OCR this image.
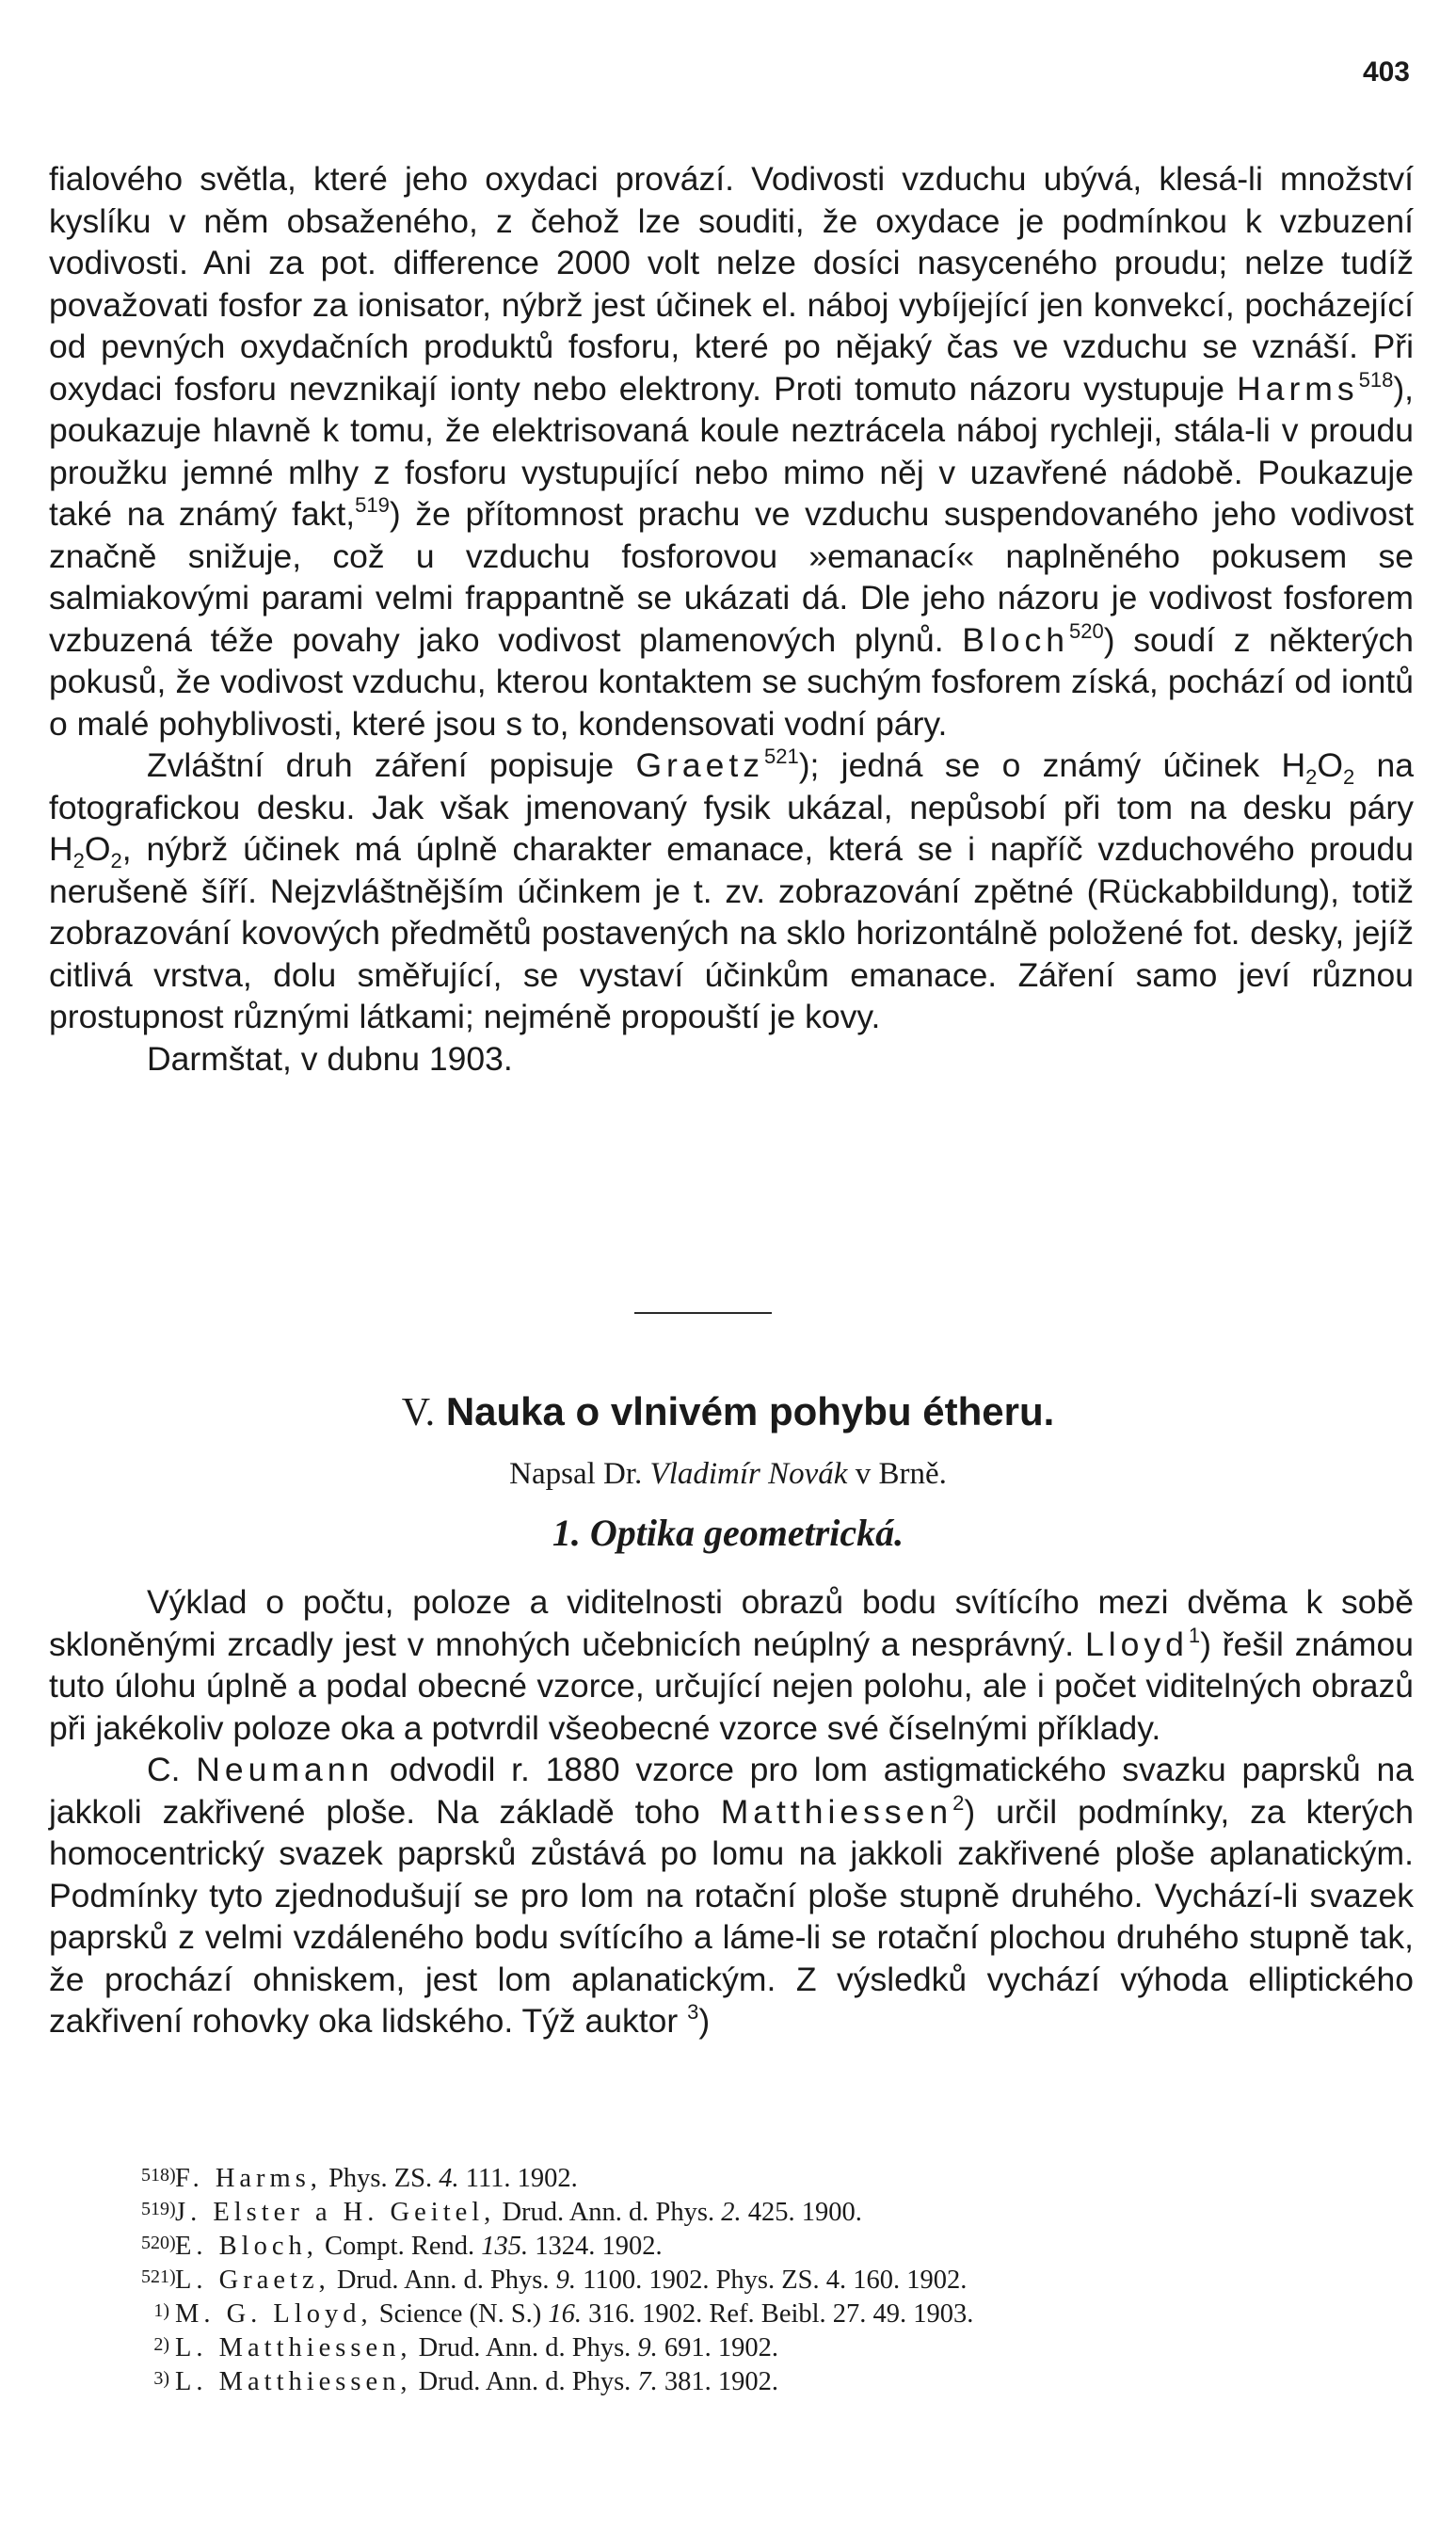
403

fialového světla, které jeho oxydaci provází. Vodivosti vzduchu ubývá, klesá-li množství kyslíku v něm obsaženého, z čehož lze souditi, že oxydace je podmínkou k vzbuzení vodivosti. Ani za pot. difference 2000 volt nelze dosíci nasyceného proudu; nelze tudíž považovati fosfor za ionisator, nýbrž jest účinek el. náboj vybíjející jen konvekcí, pocházející od pevných oxydačních produktů fosforu, které po nějaký čas ve vzduchu se vznáší. Při oxydaci fosforu nevznikají ionty nebo elektrony. Proti tomuto názoru vystupuje Harms$^{518}$), poukazuje hlavně k tomu, že elektrisovaná koule neztrácela náboj rychleji, stála-li v proudu proužku jemné mlhy z fosforu vystupující nebo mimo něj v uzavřené nádobě. Poukazuje také na známý fakt,$^{519}$) že přítomnost prachu ve vzduchu suspendovaného jeho vodivost značně snižuje, což u vzduchu fosforovou »emanací« naplněného pokusem se salmiakovými parami velmi frappantně se ukázati dá. Dle jeho názoru je vodivost fosforem vzbuzená téže povahy jako vodivost plamenových plynů. Bloch$^{520}$) soudí z některých pokusů, že vodivost vzduchu, kterou kontaktem se suchým fosforem získá, pochází od iontů o malé pohyblivosti, které jsou s to, kondensovati vodní páry.

Zvláštní druh záření popisuje Graetz$^{521}$); jedná se o známý účinek $H_2O_2$ na fotografickou desku. Jak však jmenovaný fysik ukázal, nepůsobí při tom na desku páry $H_2O_2$, nýbrž účinek má úplně charakter emanace, která se i napříč vzduchového proudu nerušeně šíří. Nejzvláštnějším účinkem je t. zv. zobrazování zpětné (Rückabbildung), totiž zobrazování kovových předmětů postavených na sklo horizontálně položené fot. desky, jejíž citlivá vrstva, dolu směřující, se vystaví účinkům emanace. Záření samo jeví různou prostupnost různými látkami; nejméně propouští je kovy.

Darmštat, v dubnu 1903.

V. Nauka o vlnivém pohybu étheru.
Napsal Dr. Vladimír Novák v Brně.
1. Optika geometrická.

Výklad o počtu, poloze a viditelnosti obrazů bodu svítícího mezi dvěma k sobě skloněnými zrcadly jest v mnohých učebnicích neúplný a nesprávný. Lloyd$^1$) řešil známou tuto úlohu úplně a podal obecné vzorce, určující nejen polohu, ale i počet viditelných obrazů při jakékoliv poloze oka a potvrdil všeobecné vzorce své číselnými příklady.

C. Neumann odvodil r. 1880 vzorce pro lom astigmatického svazku paprsků na jakkoli zakřivené ploše. Na základě toho Matthiessen$^2$) určil podmínky, za kterých homocentrický svazek paprsků zůstává po lomu na jakkoli zakřivené ploše aplanatickým. Podmínky tyto zjednodušují se pro lom na rotační ploše stupně druhého. Vychází-li svazek paprsků z velmi vzdáleného bodu svítícího a láme-li se rotační plochou druhého stupně tak, že prochází ohniskem, jest lom aplanatickým. Z výsledků vychází výhoda elliptického zakřivení rohovky oka lidského. Týž auktor $^3$)

518)F. Harms, Phys. ZS. 4. 111. 1902.
519)J. Elster a H. Geitel, Drud. Ann. d. Phys. 2. 425. 1900.
520)E. Bloch, Compt. Rend. 135. 1324. 1902.
521)L. Graetz, Drud. Ann. d. Phys. 9. 1100. 1902. Phys. ZS. 4. 160. 1902.
1) M. G. Lloyd, Science (N. S.) 16. 316. 1902. Ref. Beibl. 27. 49. 1903.
2) L. Matthiessen, Drud. Ann. d. Phys. 9. 691. 1902.
3) L. Matthiessen, Drud. Ann. d. Phys. 7. 381. 1902.
